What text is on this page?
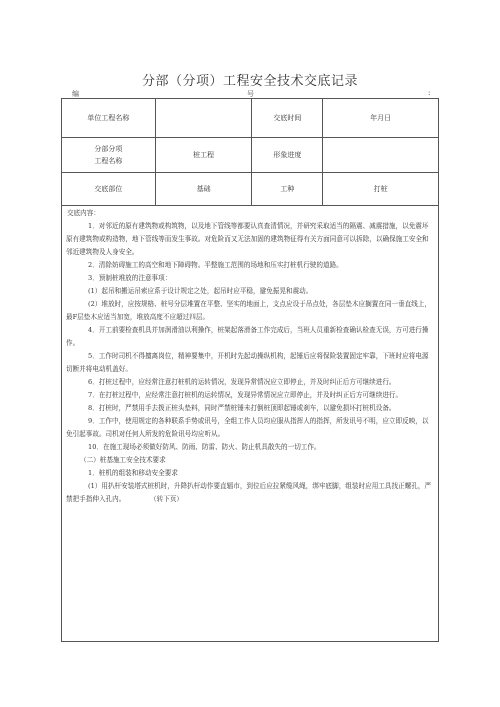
分部（分项）工程安全技术交底记录
编	号	:
单位工程名称		交底时间	年月日

分部分项
工程名称	桩工程	形象进度	
交底部位	基础	工种	打桩

交底内容：

1．对邻近的原有建筑物或构筑物，以及地下管线等都要认真查清情况，并研究采取适当的隔震、减震措施，以免震坏原有建筑物或构造物，地下管线等而发生事故。对危险而又无法加固的建筑物征得有关方面同意可以拆除，以确保施工安全和邻近建筑物及人身安全。

2．清除妨碍施工的高空和地下障碍物。平整施工范围的场地和压实打桩机行驶的道路。

3．预制桩堆放的注意事项：

(1）起吊和搬运吊索应系于设计规定之处，起吊时应平稳，避免振晃和震动。

(2）堆放时，应按规格、桩号分层堆置在平整、坚实的地面上，支点应设于吊点处，各层垫木应搁置在同一垂直线上，最F层垫木应适当加宽，堆放高度不应超过四层。

4．开工前要检查机具并加润滑油以利操作，桩架起落滑备工作完成后，当班人员重新检查确认检查无误，方可进行操作。

5．工作时司机不得擅离岗位，精神要集中，开机时先起动操纵机构，起锤后应将保险装置固定牢靠，下班时应将电源切断并将电动机盖好。

6．打桩过程中，应经常注意打桩机的运转情况，发现异常情况应立即停止，并及时纠正后方可继续进行。

7．在打桩过程中，应经常注意打桩机的运转情况，发现异常情况应立即停止，并及时纠正后方可继续进行。

8．打桩时，严禁用手去拨正桩头垫料，同时严禁桩锤未打倒桩顶即起锤或刹车，以避免损坏打桩机设备。

9．工作中，使用规定的各种联系手势或讯号，全组工作人员均应服从指挥人的指挥，所发讯号不明，应立即反映，以免引起事故。司机对任何人所发的危险讯号均应听从。

10．在施工现场必须做好防风、防雨、防雷、防火、防止机具散失的一切工作。

（二）桩基施工安全技术要求

1．桩机的组装和移动安全要求

(1）用扒杆安装塔式桩机时，升降扒杆动作要直辐市，到位后应拉紧缆风绳，绑牢底脚，组装时应用工具找正螺孔，严禁把手指伸入孔内。	（转下页）
